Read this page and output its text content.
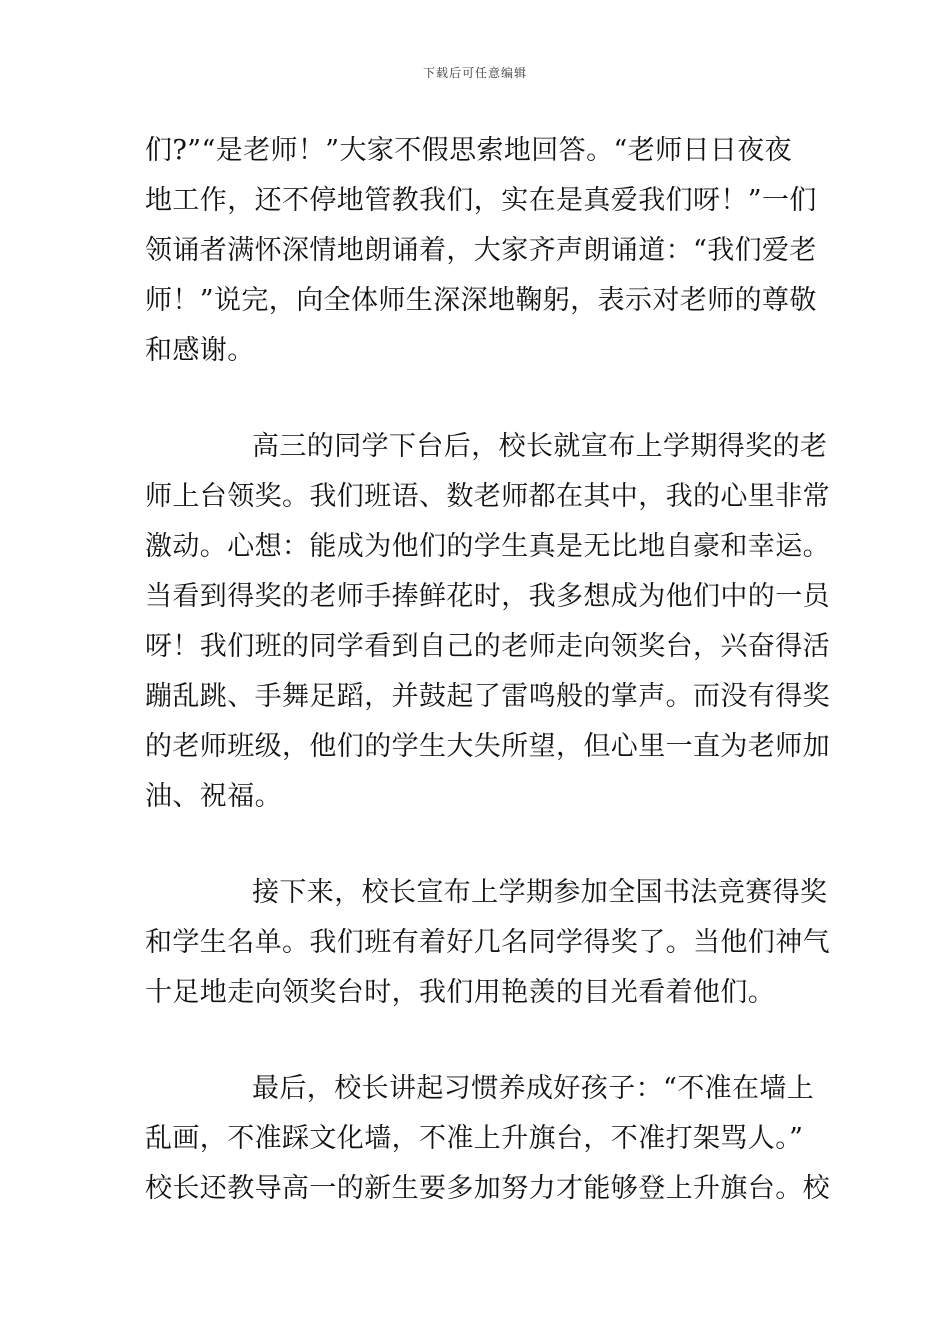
下载后可任意编辑
们?”“是老师！”大家不假思索地回答。“老师日日夜夜
地工作，还不停地管教我们，实在是真爱我们呀！”一们
领诵者满怀深情地朗诵着，大家齐声朗诵道：“我们爱老
师！”说完，向全体师生深深地鞠躬，表示对老师的尊敬
和感谢。
高三的同学下台后，校长就宣布上学期得奖的老
师上台领奖。我们班语、数老师都在其中，我的心里非常
激动。心想：能成为他们的学生真是无比地自豪和幸运。
当看到得奖的老师手捧鲜花时，我多想成为他们中的一员
呀！我们班的同学看到自己的老师走向领奖台，兴奋得活
蹦乱跳、手舞足蹈，并鼓起了雷鸣般的掌声。而没有得奖
的老师班级，他们的学生大失所望，但心里一直为老师加
油、祝福。
接下来，校长宣布上学期参加全国书法竞赛得奖
和学生名单。我们班有着好几名同学得奖了。当他们神气
十足地走向领奖台时，我们用艳羡的目光看着他们。
最后，校长讲起习惯养成好孩子：“不准在墙上
乱画，不准踩文化墙，不准上升旗台，不准打架骂人。”
校长还教导高一的新生要多加努力才能够登上升旗台。校
